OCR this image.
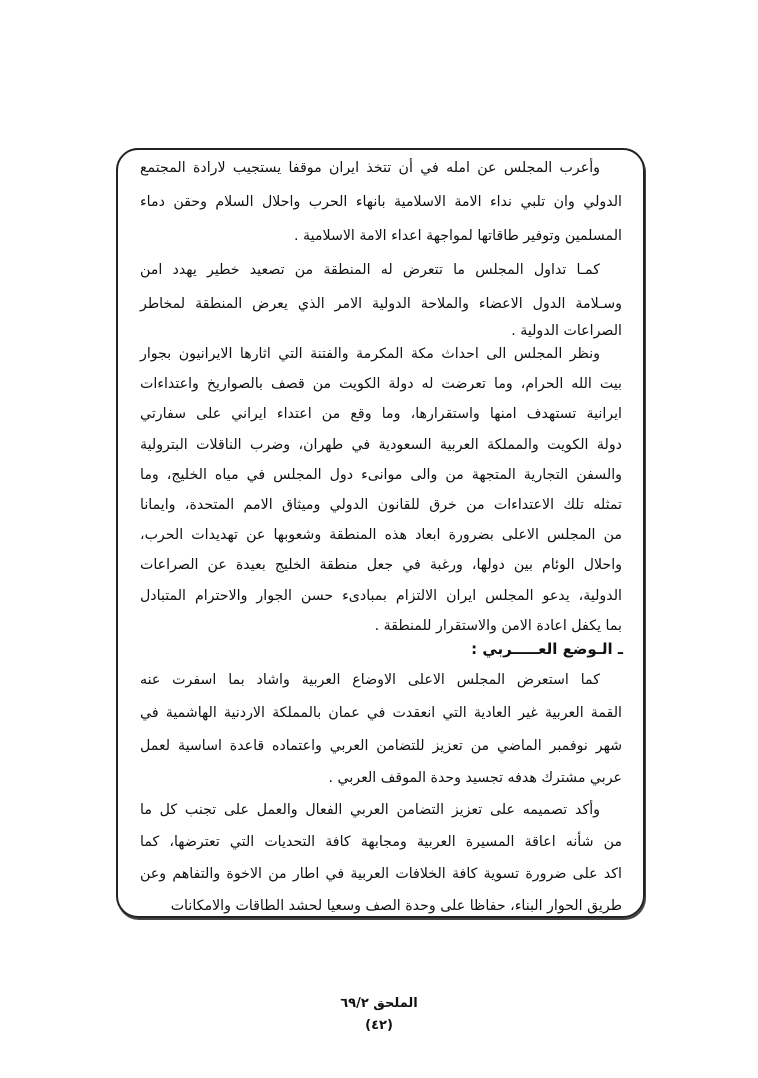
وأعرب المجلس عن امله في أن تتخذ ايران موقفا يستجيب لارادة المجتمع
الدولي وان تلبي نداء الامة الاسلامية بانهاء الحرب واحلال السلام وحقن دماء
المسلمين وتوفير طاقاتها لمواجهة اعداء الامة الاسلامية .
كمـا تداول المجلس ما تتعرض له المنطقة من تصعيد خطير يهدد امن
وسـلامة الدول الاعضاء والملاحة الدولية الامر الذي يعرض المنطقة لمخاطر
الصراعات الدولية .
ونظر المجلس الى احداث مكة المكرمة والفتنة التي اثارها الايرانيون بجوار
بيت الله الحرام، وما تعرضت له دولة الكويت من قصف بالصواريخ واعتداءات
ايرانية تستهدف امنها واستقرارها، وما وقع من اعتداء ايراني على سفارتي
دولة الكويت والمملكة العربية السعودية في طهران، وضرب الناقلات البترولية
والسفن التجارية المتجهة من والى موانىء دول المجلس في مياه الخليج، وما
تمثله تلك الاعتداءات من خرق للقانون الدولي وميثاق الامم المتحدة، وايمانا
من المجلس الاعلى بضرورة ابعاد هذه المنطقة وشعوبها عن تهديدات الحرب،
واحلال الوئام بين دولها، ورغبة في جعل منطقة الخليج بعيدة عن الصراعات
الدولية، يدعو المجلس ايران الالتزام بمبادىء حسن الجوار والاحترام المتبادل
بما يكفل اعادة الامن والاستقرار للمنطقة .
كما استعرض المجلس الاعلى الاوضاع العربية واشاد بما اسفرت عنه
القمة العربية غير العادية التي انعقدت في عمان بالمملكة الاردنية الهاشمية في
شهر نوفمبر الماضي من تعزيز للتضامن العربي واعتماده قاعدة اساسية لعمل
عربي مشترك هدفه تجسيد وحدة الموقف العربي .
وأكد تصميمه على تعزيز التضامن العربي الفعال والعمل على تجنب كل ما
من شأنه اعاقة المسيرة العربية ومجابهة كافة التحديات التي تعترضها، كما
اكد على ضرورة تسوية كافة الخلافات العربية في اطار من الاخوة والتفاهم وعن
طريق الحوار البناء، حفاظا على وحدة الصف وسعيا لحشد الطاقات والامكانات
ـ الـوضع العـــــربي :
الملحق ٦٩/٢
(٤٢)
